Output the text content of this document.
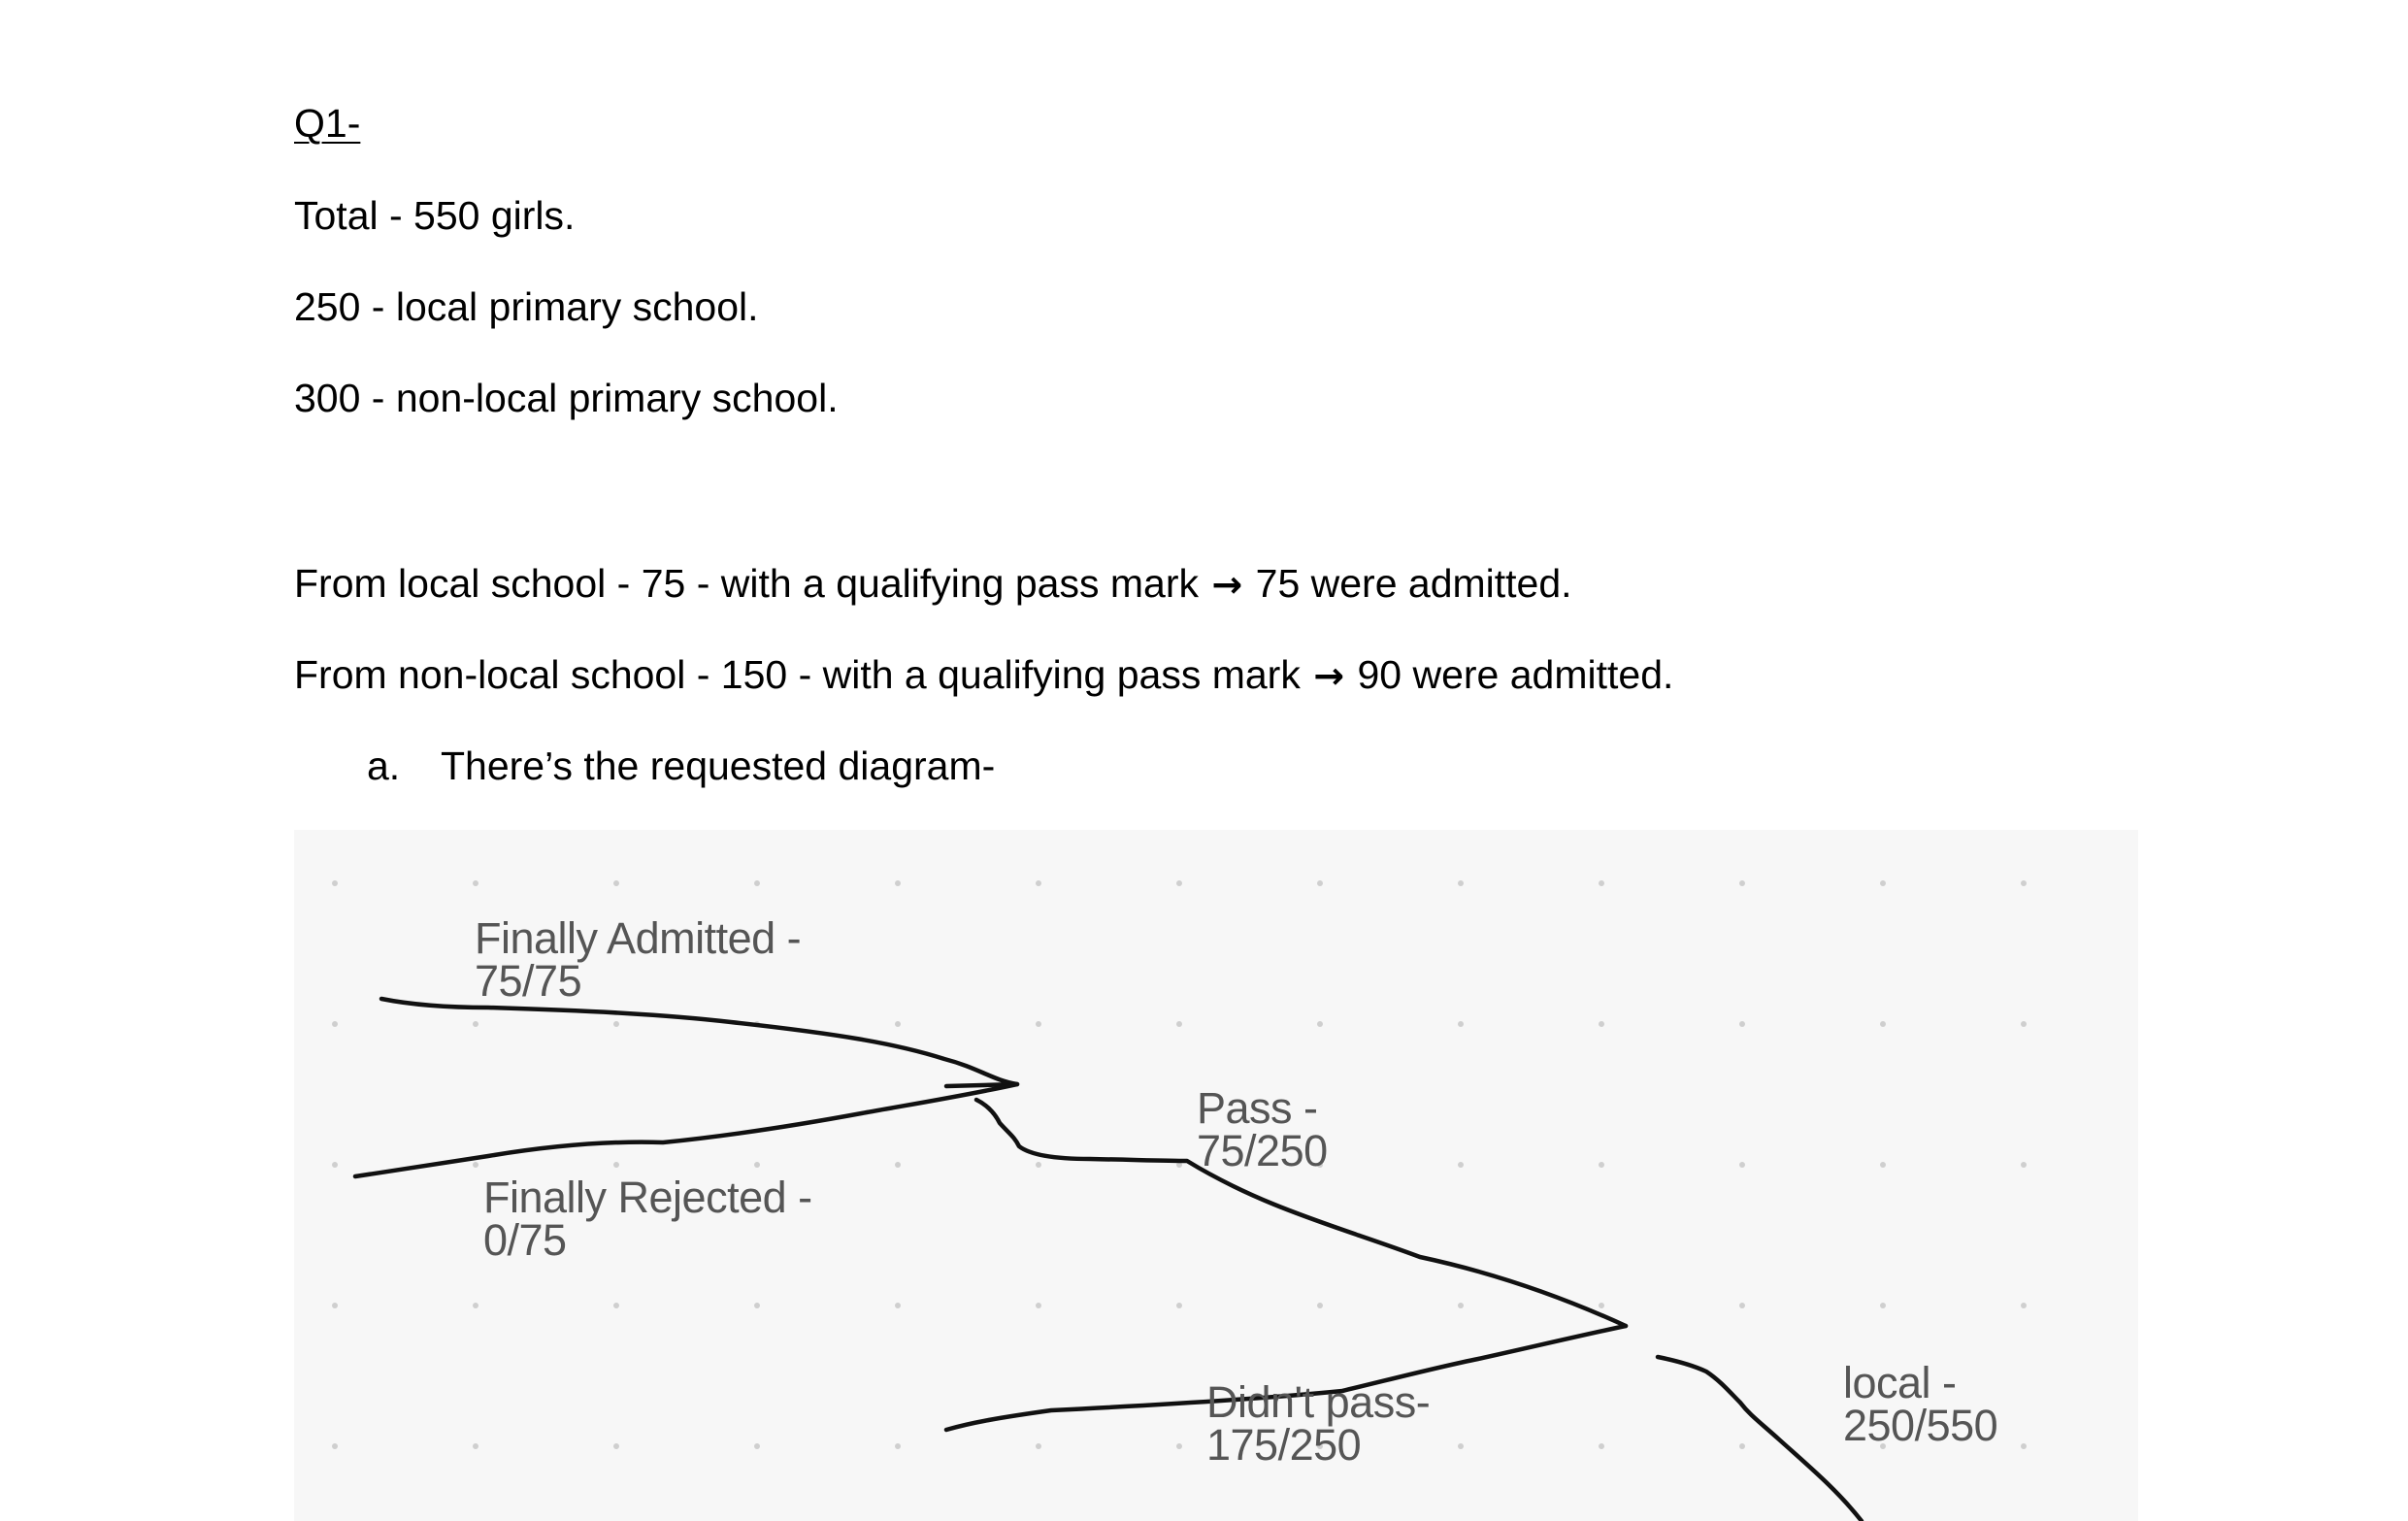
Q1-
Total - 550 girls.
250 - local primary school.
300 - non-local primary school.
From local school - 75 - with a qualifying pass mark → 75 were admitted.
From non-local school - 150 - with a qualifying pass mark → 90 were admitted.
a. There’s the requested diagram-
Finally Admitted -
75/75
Finally Rejected -
0/75
Pass -
75/250
Didn't pass-
175/250
local -
250/550
